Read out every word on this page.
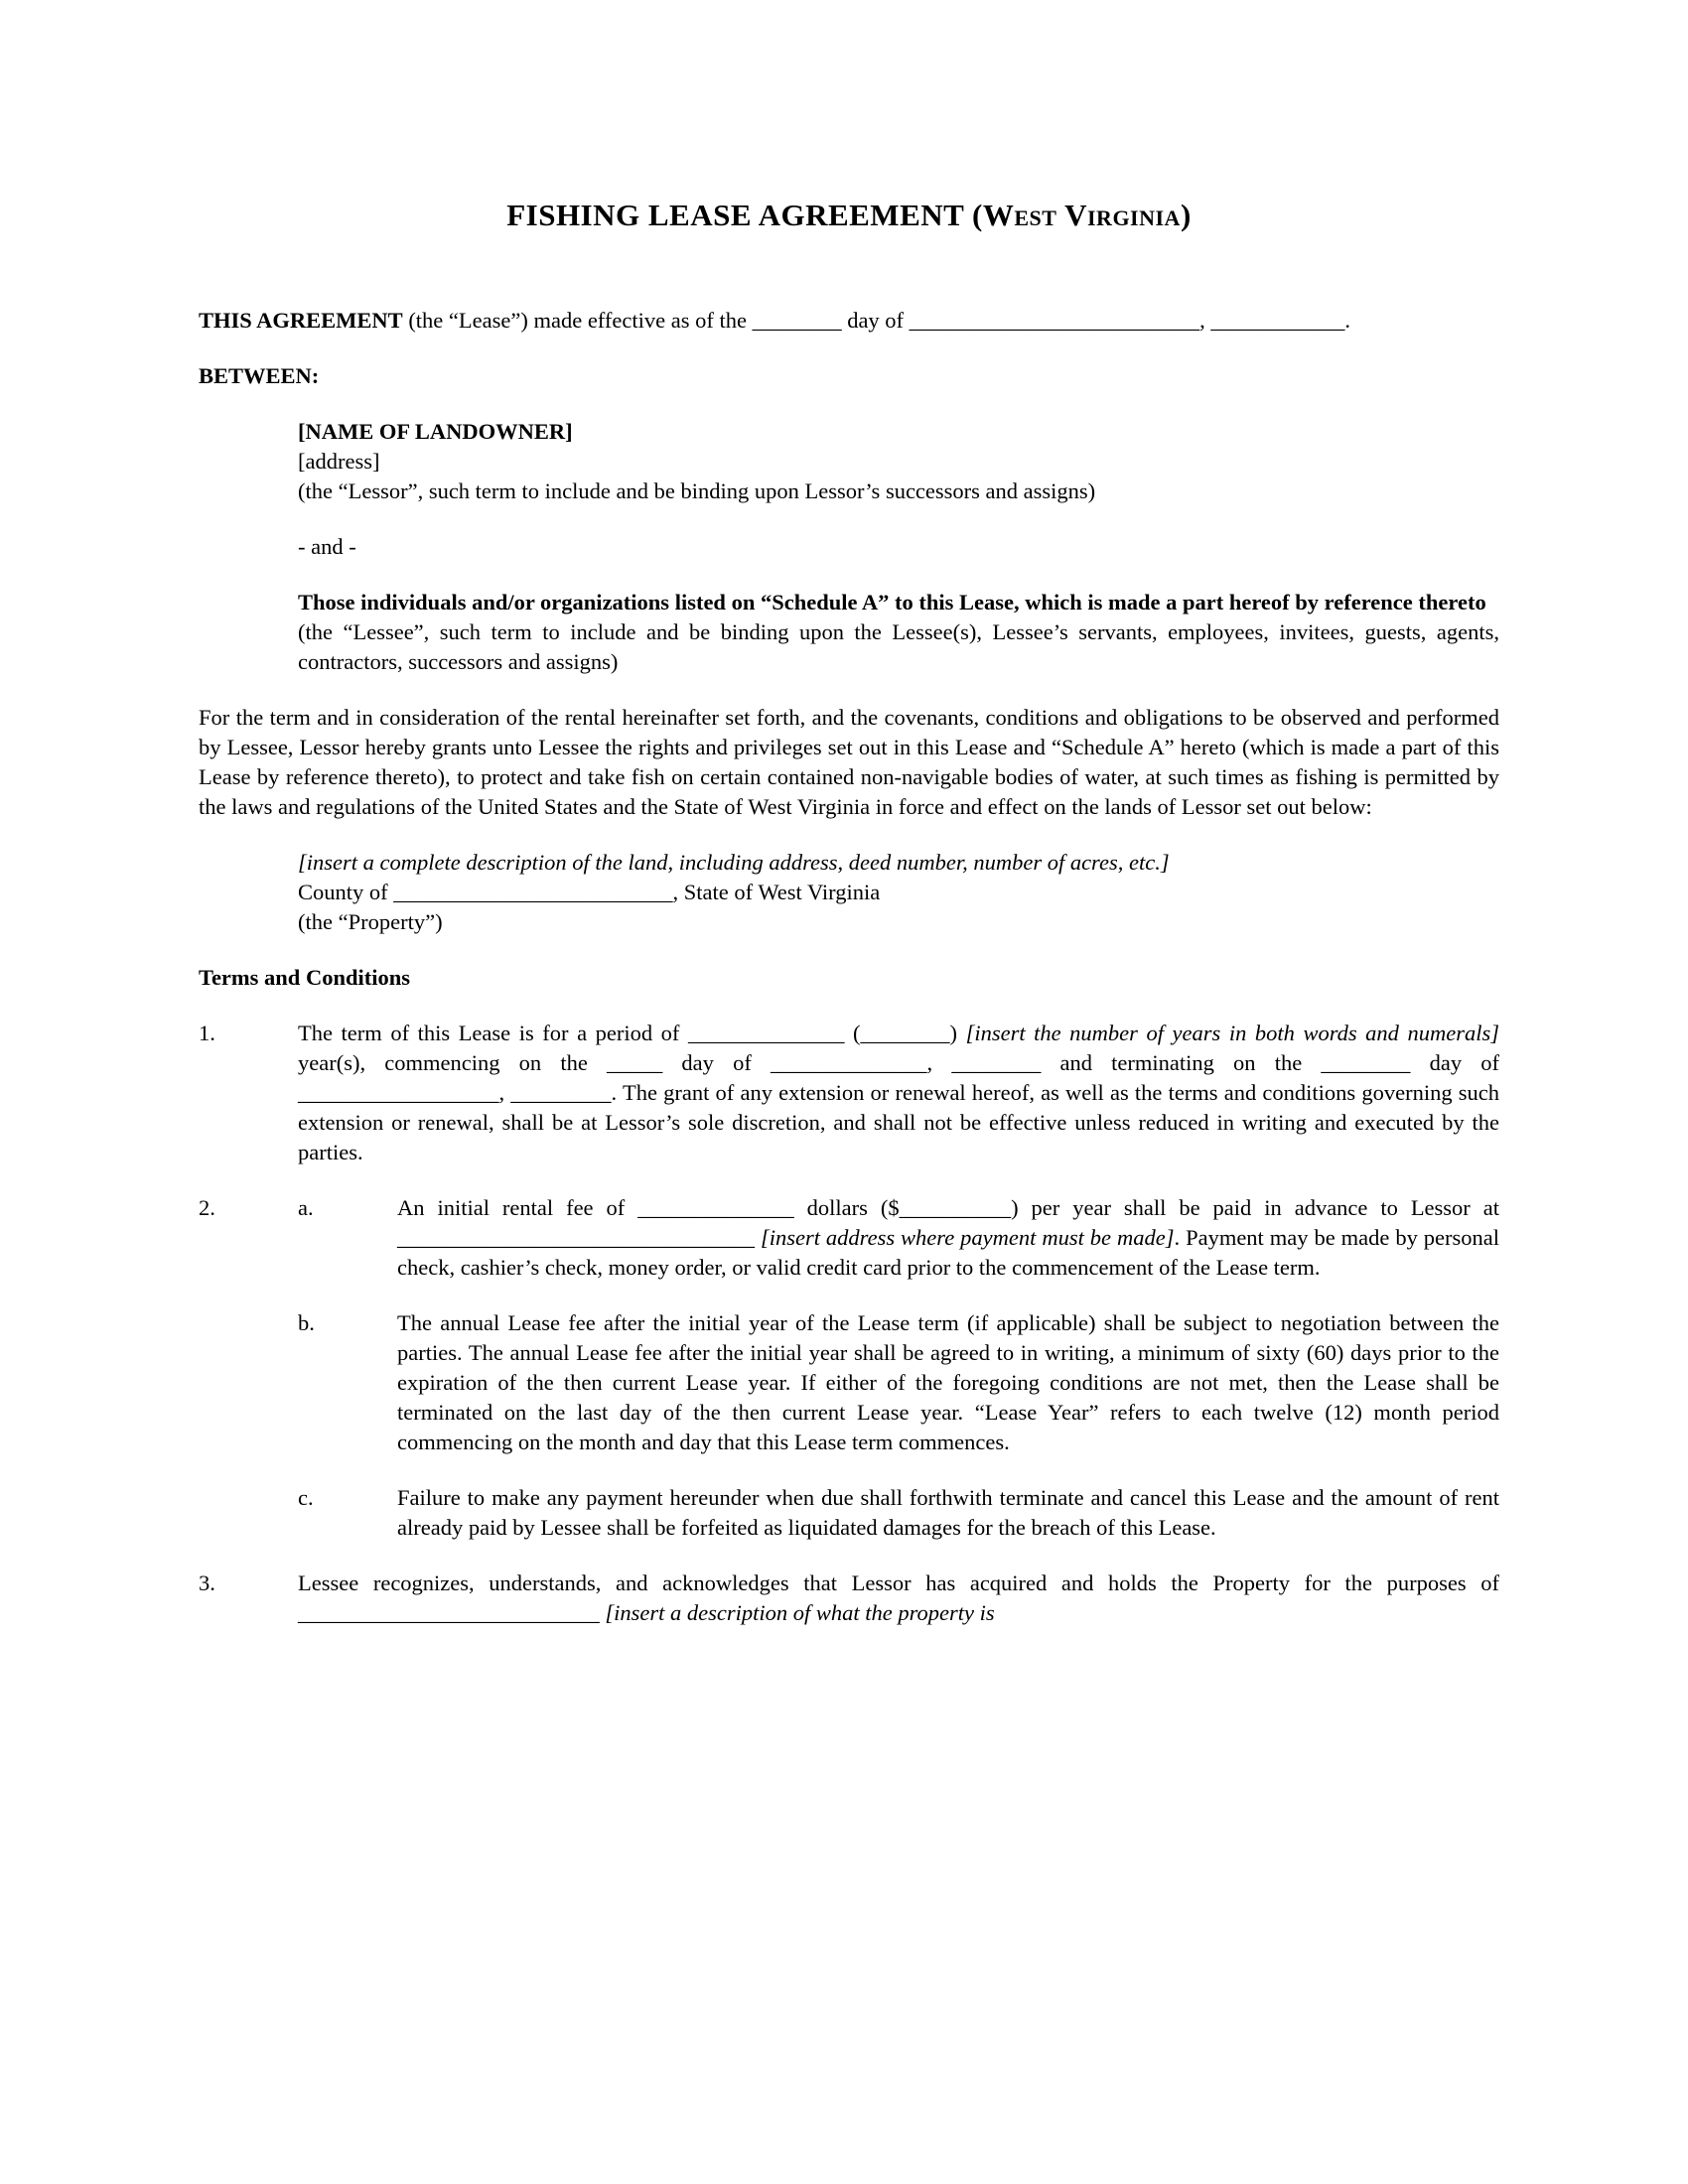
FISHING LEASE AGREEMENT (West Virginia)

THIS AGREEMENT (the “Lease”) made effective as of the ________ day of __________________________, ____________.

BETWEEN:

[NAME OF LANDOWNER]

[address]

(the “Lessor”, such term to include and be binding upon Lessor’s successors and assigns)

- and -

Those individuals and/or organizations listed on “Schedule A” to this Lease, which is made a part hereof by reference thereto

(the “Lessee”, such term to include and be binding upon the Lessee(s), Lessee’s servants, employees, invitees, guests, agents, contractors, successors and assigns)

For the term and in consideration of the rental hereinafter set forth, and the covenants, conditions and obligations to be observed and performed by Lessee, Lessor hereby grants unto Lessee the rights and privileges set out in this Lease and “Schedule A” hereto (which is made a part of this Lease by reference thereto), to protect and take fish on certain contained non-navigable bodies of water, at such times as fishing is permitted by the laws and regulations of the United States and the State of West Virginia in force and effect on the lands of Lessor set out below:

[insert a complete description of the land, including address, deed number, number of acres, etc.]

County of _________________________, State of West Virginia

(the “Property”)

Terms and Conditions

1.	The term of this Lease is for a period of ______________ (________) [insert the number of years in both words and numerals] year(s), commencing on the _____ day of ______________, ________ and terminating on the ________ day of __________________, _________. The grant of any extension or renewal hereof, as well as the terms and conditions governing such extension or renewal, shall be at Lessor’s sole discretion, and shall not be effective unless reduced in writing and executed by the parties.
2.	a.	An initial rental fee of ______________ dollars ($__________) per year shall be paid in advance to Lessor at ________________________________ [insert address where payment must be made]. Payment may be made by personal check, cashier’s check, money order, or valid credit card prior to the commencement of the Lease term.
b.	The annual Lease fee after the initial year of the Lease term (if applicable) shall be subject to negotiation between the parties. The annual Lease fee after the initial year shall be agreed to in writing, a minimum of sixty (60) days prior to the expiration of the then current Lease year. If either of the foregoing conditions are not met, then the Lease shall be terminated on the last day of the then current Lease year. “Lease Year” refers to each twelve (12) month period commencing on the month and day that this Lease term commences.
c.	Failure to make any payment hereunder when due shall forthwith terminate and cancel this Lease and the amount of rent already paid by Lessee shall be forfeited as liquidated damages for the breach of this Lease.
3.	Lessee recognizes, understands, and acknowledges that Lessor has acquired and holds the Property for the purposes of ___________________________ [insert a description of what the property is
